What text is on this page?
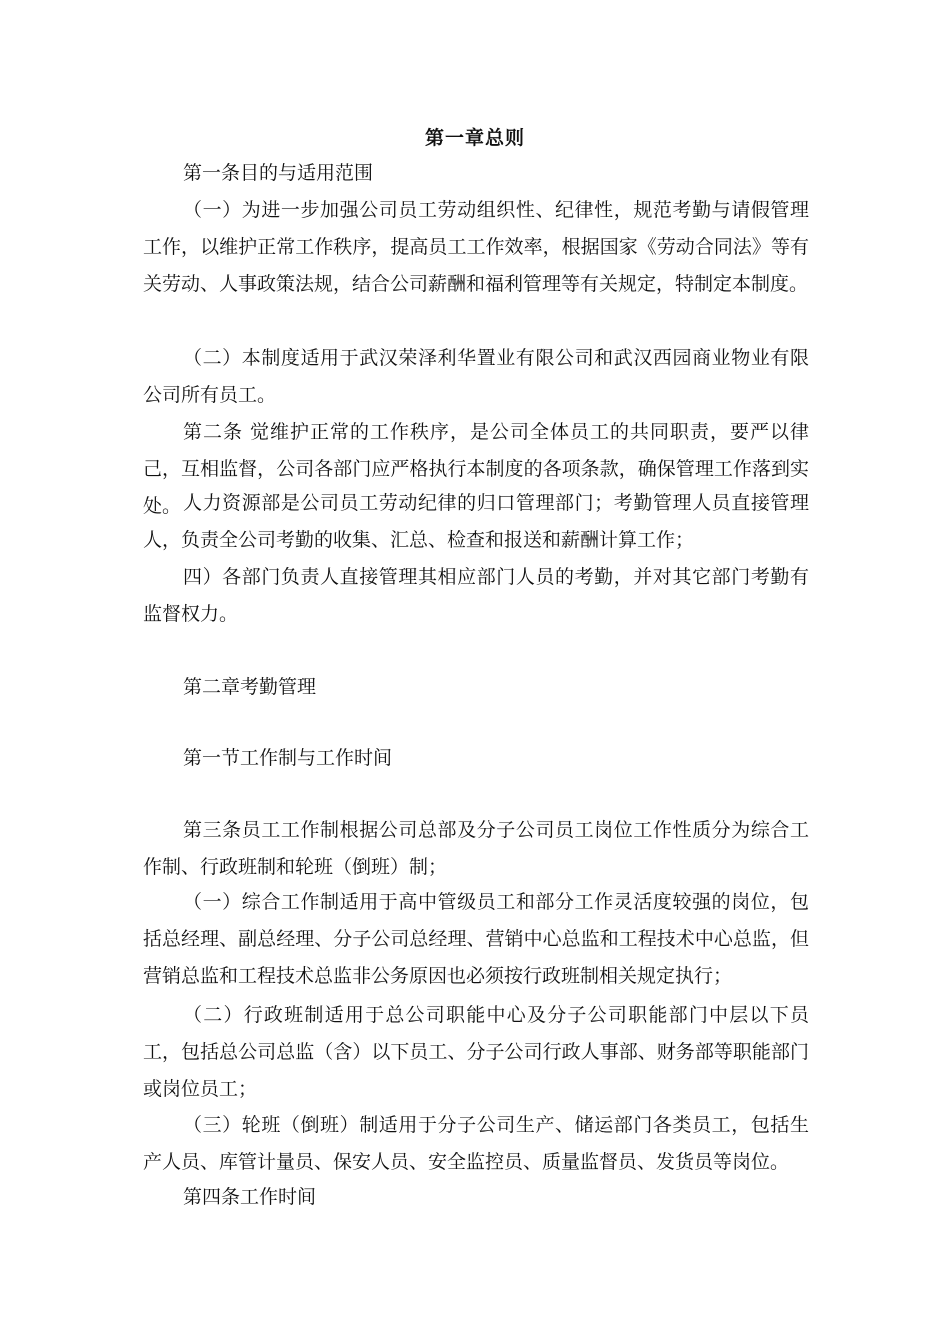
第一章总则

第一条目的与适用范围

（一）为进一步加强公司员工劳动组织性、纪律性，规范考勤与请假管理工作，以维护正常工作秩序，提高员工工作效率，根据国家《劳动合同法》等有关劳动、人事政策法规，结合公司薪酬和福利管理等有关规定，特制定本制度。

（二）本制度适用于武汉荣泽利华置业有限公司和武汉西园商业物业有限公司所有员工。

第二条 觉维护正常的工作秩序，是公司全体员工的共同职责，要严以律己，互相监督，公司各部门应严格执行本制度的各项条款，确保管理工作落到实处。 人力资源部是公司员工劳动纪律的归口管理部门；考勤管理人员直接管理人，负责全公司考勤的收集、汇总、检查和报送和薪酬计算工作；

四）各部门负责人直接管理其相应部门人员的考勤，并对其它部门考勤有监督权力。

第二章考勤管理

第一节工作制与工作时间

第三条员工工作制根据公司总部及分子公司员工岗位工作性质分为综合工作制、行政班制和轮班（倒班）制；

（一）综合工作制适用于高中管级员工和部分工作灵活度较强的岗位，包括总经理、副总经理、分子公司总经理、营销中心总监和工程技术中心总监，但营销总监和工程技术总监非公务原因也必须按行政班制相关规定执行；

（二）行政班制适用于总公司职能中心及分子公司职能部门中层以下员工，包括总公司总监（含）以下员工、分子公司行政人事部、财务部等职能部门或岗位员工；

（三）轮班（倒班）制适用于分子公司生产、储运部门各类员工，包括生产人员、库管计量员、保安人员、安全监控员、质量监督员、发货员等岗位。

第四条工作时间
